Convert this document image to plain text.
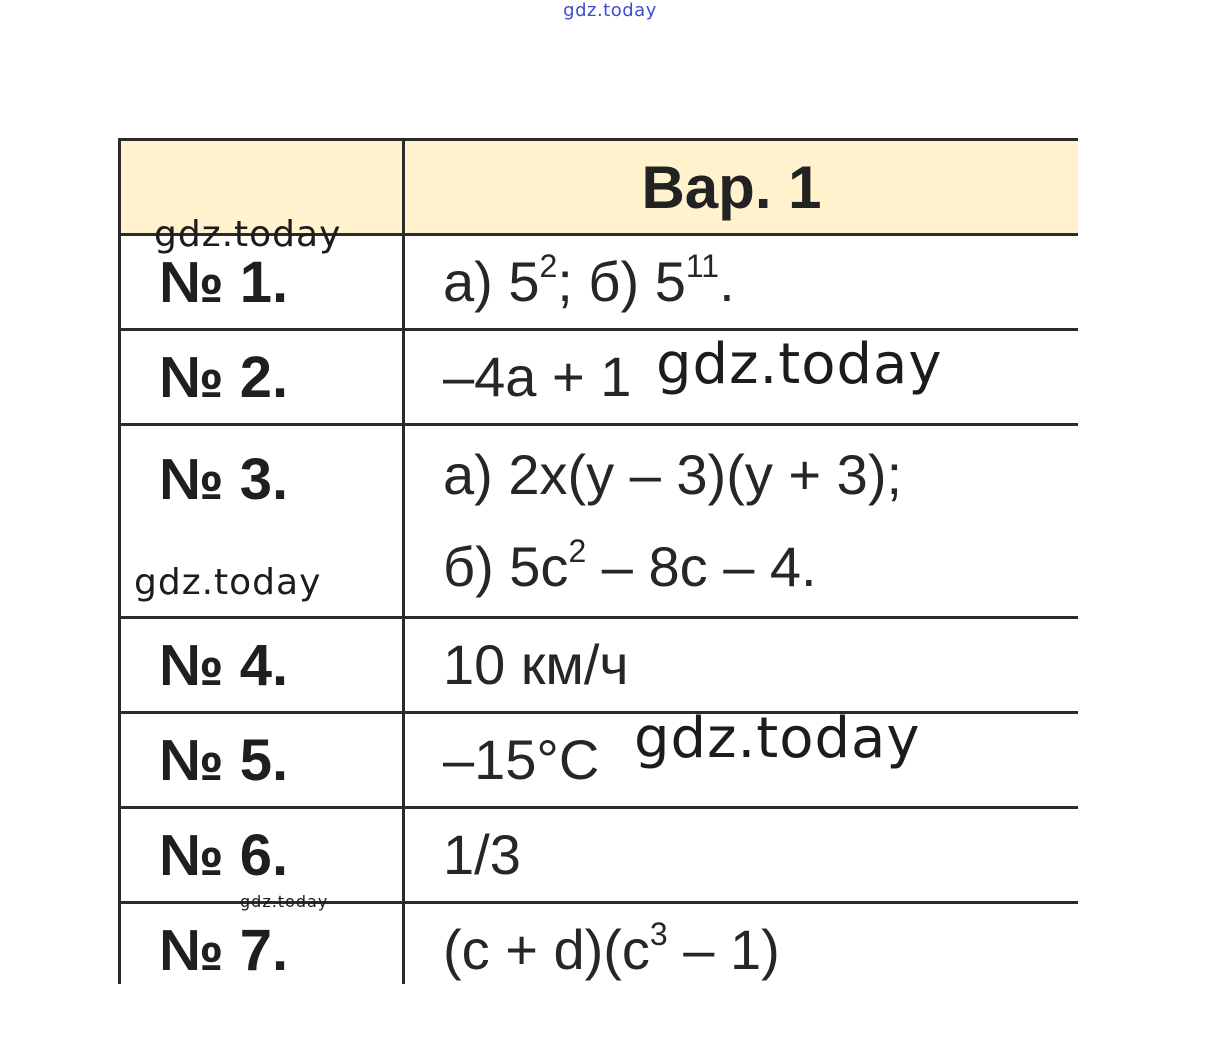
gdz.today
	Вар. 1
№ 1.	а) $5^2$; б) $5^{11}$.
№ 2.	–4a + 1

№ 3.	а) 2x(y – 3)(y + 3);
б) $5c^2 - 8c - 4$.

№ 4.	10 км/ч
№ 5.	–15°C
№ 6.	1/3
№ 7.	$(c + d)(c^3 - 1)$
gdz.today
gdz.today
gdz.today
gdz.today
gdz.today
